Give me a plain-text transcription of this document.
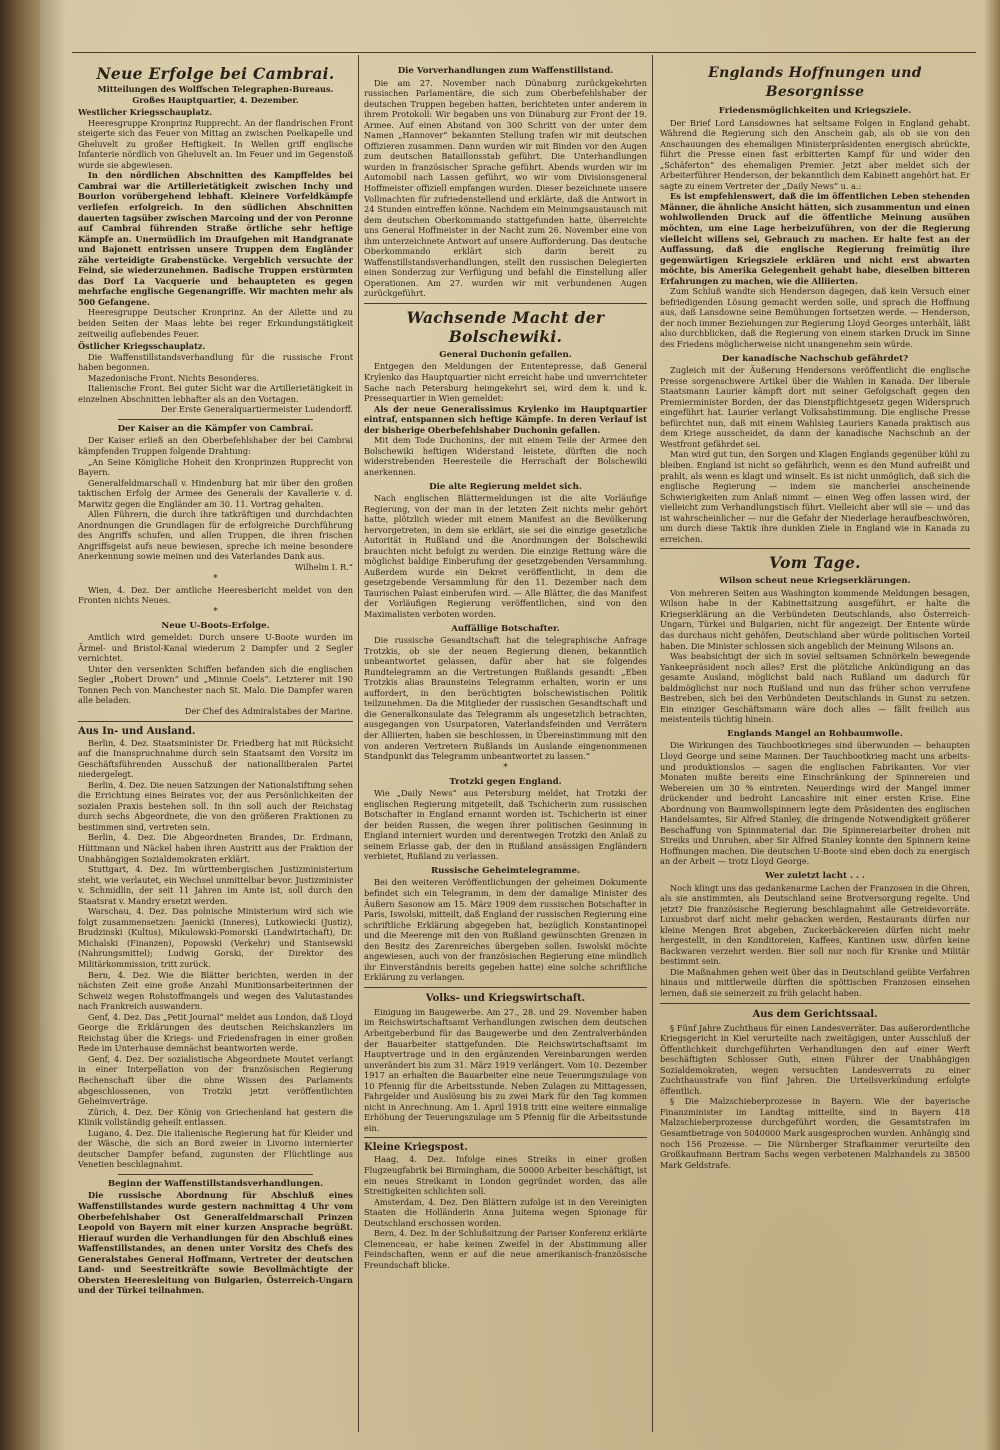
Neue Erfolge bei Cambrai.

Mitteilungen des Wolffschen Telegraphen-Bureaus.

Großes Hauptquartier, 4. Dezember.

Westlicher Kriegsschauplatz.

Heeresgruppe Kronprinz Rupprecht. An der flandrischen Front steigerte sich das Feuer von Mittag an zwischen Poelkapelle und Gheluvelt zu großer Heftigkeit. In Wellen griff englische Infanterie nördlich von Gheluvelt an. Im Feuer und im Gegenstoß wurde sie abgewiesen.

In den nördlichen Abschnitten des Kampffeldes bei Cambrai war die Artillerietätigkeit zwischen Inchy und Bourlon vorübergehend lebhaft. Kleinere Vorfeldkämpfe verliefen erfolgreich. In den südlichen Abschnitten dauerten tagsüber zwischen Marcoing und der von Peronne auf Cambrai führenden Straße örtliche sehr heftige Kämpfe an. Unermüdlich im Draufgehen mit Handgranate und Bajonett entrissen unsere Truppen dem Engländer zähe verteidigte Grabenstücke. Vergeblich versuchte der Feind, sie wiederzunehmen. Badische Truppen erstürmten das Dorf La Vacquerie und behaupteten es gegen mehrfache englische Gegenangriffe. Wir machten mehr als 500 Gefangene.

Heeresgruppe Deutscher Kronprinz. An der Ailette und zu beiden Seiten der Maas lebte bei reger Erkundungstätigkeit zeitweilig auflebendes Feuer.

Östlicher Kriegsschauplatz.

Die Waffenstillstandsverhandlung für die russische Front haben begonnen.

Mazedonische Front. Nichts Besonderes.

Italienische Front. Bei guter Sicht war die Artillerietätigkeit in einzelnen Abschnitten lebhafter als an den Vortagen.

Der Erste Generalquartiermeister Ludendorff.

Der Kaiser an die Kämpfer von Cambrai.

Der Kaiser erließ an den Oberbefehlshaber der bei Cambrai kämpfenden Truppen folgende Drahtung:

„An Seine Königliche Hoheit den Kronprinzen Rupprecht von Bayern.

Generalfeldmarschall v. Hindenburg hat mir über den großen taktischen Erfolg der Armee des Generals der Kavallerie v. d. Marwitz gegen die Engländer am 30. 11. Vortrag gehalten.

Allen Führern, die durch ihre tatkräftigen und durchdachten Anordnungen die Grundlagen für de erfolgreiche Durchführung des Angriffs schufen, und allen Truppen, die ihren frischen Angriffsgeist aufs neue bewiesen, spreche ich meine besondere Anerkennung sowie meinen und des Vaterlandes Dank aus.

Wilhelm I. R.“

*

Wien, 4. Dez. Der amtliche Heeresbericht meldet von den Fronten nichts Neues.

*
Neue U-Boots-Erfolge.

Amtlich wird gemeldet: Durch unsere U-Boote wurden im Ärmel- und Bristol-Kanal wiederum 2 Dampfer und 2 Segler vernichtet.

Unter den versenkten Schiffen befanden sich die englischen Segler „Robert Drown“ und „Minnie Coels“. Letzterer mit 190 Tonnen Pech von Manchester nach St. Malo. Die Dampfer waren alle beladen.

Der Chef des Admiralstabes der Marine.

Aus In- und Ausland.

Berlin, 4. Dez. Staatsminister Dr. Friedberg hat mit Rücksicht auf die Inanspruchnahme durch sein Staatsamt den Vorsitz im Geschäftsführenden Ausschuß der nationalliberalen Partei niedergelegt.

Berlin, 4. Dez. Die neuen Satzungen der Nationalstiftung sehen die Errichtung eines Beirates vor, der aus Persönlichkeiten der sozialen Praxis bestehen soll. In ihn soll auch der Reichstag durch sechs Abgeordnete, die von den größeren Fraktionen zu bestimmen sind, vertreten sein.

Berlin, 4. Dez. Die Abgeordneten Brandes, Dr. Erdmann, Hüttmann und Näckel haben ihren Austritt aus der Fraktion der Unabhängigen Sozialdemokraten erklärt.

Stuttgart, 4. Dez. Im württembergischen Justizministerium steht, wie verlautet, ein Wechsel unmittelbar bevor. Justizminister v. Schmidlin, der seit 11 Jahren im Amte ist, soll durch den Staatsrat v. Mandry ersetzt werden.

Warschau, 4. Dez. Das polnische Ministerium wird sich wie folgt zusammensetzen: Jaenicki (Inneres), Lutkowiecki (Justiz), Brudzinski (Kultus), Mikulowski-Pomorski (Landwirtschaft), Dr. Michalski (Finanzen), Popowski (Verkehr) und Stanisewski (Nahrungsmittel); Ludwig Gorski, der Direktor des Militärkommission, tritt zurück.

Bern, 4. Dez. Wie die Blätter berichten, werden in der nächsten Zeit eine große Anzahl Munitionsarbeiterinnen der Schweiz wegen Rohstoffmangels und wegen des Valutastandes nach Frankreich auswandern.

Genf, 4. Dez. Das „Petit Journal“ meldet aus London, daß Lloyd George die Erklärungen des deutschen Reichskanzlers im Reichstag über die Kriegs- und Friedensfragen in einer großen Rede im Unterhause demnächst beantworten werde.

Genf, 4. Dez. Der sozialistische Abgeordnete Moutet verlangt in einer Interpellation von der französischen Regierung Rechenschaft über die ohne Wissen des Parlaments abgeschlossenen, von Trotzki jetzt veröffentlichten Geheimverträge.

Zürich, 4. Dez. Der König von Griechenland hat gestern die Klinik vollständig geheilt entlassen.

Lugano, 4. Dez. Die italienische Regierung hat für Kleider und der Wäsche, die sich an Bord zweier in Livorno internierter deutscher Dampfer befand, zugunsten der Flüchtlinge aus Venetien beschlagnahmt.

Beginn der Waffenstillstandsverhandlungen.

Die russische Abordnung für Abschluß eines Waffenstillstandes wurde gestern nachmittag 4 Uhr vom Oberbefehlshaber Ost Generalfeldmarschall Prinzen Leopold von Bayern mit einer kurzen Ansprache begrüßt. Hierauf wurden die Verhandlungen für den Abschluß eines Waffenstillstandes, an denen unter Vorsitz des Chefs des Generalstabes General Hoffmann, Vertreter der deutschen Land- und Seestreitkräfte sowie Bevollmächtigte der Obersten Heeresleitung von Bulgarien, Österreich-Ungarn und der Türkei teilnahmen.

Die Vorverhandlungen zum Waffenstillstand.

Die am 27. November nach Dünaburg zurückgekehrten russischen Parlamentäre, die sich zum Oberbefehlshaber der deutschen Truppen begeben hatten, berichteten unter anderem in ihrem Protokoll: Wir begaben uns von Dünaburg zur Front der 19. Armee. Auf einen Abstand von 300 Schritt von der unter dem Namen „Hannover“ bekannten Stellung trafen wir mit deutschen Offizieren zusammen. Dann wurden wir mit Binden vor den Augen zum deutschen Bataillonsstab geführt. Die Unterhandlungen wurden in französischer Sprache geführt. Abends wurden wir im Automobil nach Lassen geführt, wo wir vom Divisionsgeneral Hoffmeister offiziell empfangen wurden. Dieser bezeichnete unsere Vollmachten für zufriedenstellend und erklärte, daß die Antwort in 24 Stunden eintreffen könne. Nachdem ein Meinungsaustausch mit dem deutschen Oberkommando stattgefunden hatte, überreichte uns General Hoffmeister in der Nacht zum 26. November eine von ihm unterzeichnete Antwort auf unsere Aufforderung. Das deutsche Oberkommando erklärt sich darin bereit zu Waffenstillstandsverhandlungen, stellt den russischen Delegierten einen Sonderzug zur Verfügung und befahl die Einstellung aller Operationen. Am 27. wurden wir mit verbundenen Augen zurückgeführt.

Wachsende Macht der Bolschewiki.
General Duchonin gefallen.

Entgegen den Meldungen der Ententepresse, daß General Krylenko das Hauptquartier nicht erreicht habe und unverrichteter Sache nach Petersburg heimgekehrt sei, wird dem k. und k. Pressequartier in Wien gemeldet:

Als der neue Generalissimus Krylenko im Hauptquartier eintraf, entspannen sich heftige Kämpfe. In deren Verlauf ist der bisherige Oberbefehlshaber Duchonin gefallen.

Mit dem Tode Duchonins, der mit einem Teile der Armee den Bolschewiki heftigen Widerstand leistete, dürften die noch widerstrebenden Heeresteile die Herrschaft der Bolschewiki anerkennen.

Die alte Regierung meldet sich.

Nach englischen Blättermeldungen ist die alte Vorläufige Regierung, von der man in der letzten Zeit nichts mehr gehört hatte, plötzlich wieder mit einem Manifest an die Bevölkerung hervorgetreten, in dem sie erklärt, sie sei die einzige gesetzliche Autorität in Rußland und die Anordnungen der Bolschewiki brauchten nicht befolgt zu werden. Die einzige Rettung wäre die möglichst baldige Einberufung der gesetzgebenden Versammlung. Außerdem wurde ein Dekret veröffentlicht, in dem die gesetzgebende Versammlung für den 11. Dezember nach dem Taurischen Palast einberufen wird. — Alle Blätter, die das Manifest der Vorläufigen Regierung veröffentlichen, sind von den Maximalisten verboten worden.

Auffällige Botschafter.

Die russische Gesandtschaft hat die telegraphische Anfrage Trotzkis, ob sie der neuen Regierung dienen, bekanntlich unbeantwortet gelassen, dafür aber hat sie folgendes Rundtelegramm an die Vertretungen Rußlands gesandt: „Eben Trotzkis alias Braunsteins Telegramm erhalten, worin er uns auffordert, in den berüchtigten bolschewistischen Politik teilzunehmen. Da die Mitglieder der russischen Gesandtschaft und die Generalkonsulate das Telegramm als ungesetzlich betrachten, ausgegangen von Usurpatoren, Vaterlandsfeinden und Verrätern der Alliierten, haben sie beschlossen, in Übereinstimmung mit den von anderen Vertretern Rußlands im Auslande eingenommenen Standpunkt das Telegramm unbeantwortet zu lassen.“

*
Trotzki gegen England.

Wie „Daily News“ aus Petersburg meldet, hat Trotzki der englischen Regierung mitgeteilt, daß Tschicherin zum russischen Botschafter in England ernannt worden ist. Tschicherin ist einer der beiden Russen, die wegen ihrer politischen Gesinnung in England interniert wurden und derentwegen Trotzki den Anlaß zu seinem Erlasse gab, der den in Rußland ansässigen Engländern verbietet, Rußland zu verlassen.

Russische Geheimtelegramme.

Bei den weiteren Veröffentlichungen der geheimen Dokumente befindet sich ein Telegramm, in dem der damalige Minister des Äußern Sasonow am 15. März 1909 dem russischen Botschafter in Paris, Iswolski, mitteilt, daß England der russischen Regierung eine schriftliche Erklärung abgegeben hat, bezüglich Konstantinopel und die Meerenge mit den von Rußland gewünschten Grenzen in den Besitz des Zarenreiches übergeben sollen. Iswolski möchte angewiesen, auch von der französischen Regierung eine mündlich ihr Einverständnis bereits gegeben hatte) eine solche schriftliche Erklärung zu verlangen.

Volks- und Kriegswirtschaft.

Einigung im Baugewerbe. Am 27., 28. und 29. November haben im Reichswirtschaftsamt Verhandlungen zwischen dem deutschen Arbeitgeberbund für das Baugewerbe und den Zentralverbänden der Bauarbeiter stattgefunden. Die Reichswirtschaftsamt im Hauptvertrage und in den ergänzenden Vereinbarungen werden unverändert bis zum 31. März 1919 verlängert. Vom 10. Dezember 1917 an erhalten die Bauarbeiter eine neue Teuerungszulage von 10 Pfennig für die Arbeitsstunde. Neben Zulagen zu Mittagessen, Fahrgelder und Auslösung bis zu zwei Mark für den Tag kommen nicht in Anrechnung. Am 1. April 1918 tritt eine weitere einmalige Erhöhung der Teuerungszulage um 5 Pfennig für die Arbeitsstunde ein.

Kleine Kriegspost.

Haag, 4. Dez. Infolge eines Streiks in einer großen Flugzeugfabrik bei Birmingham, die 50000 Arbeiter beschäftigt, ist ein neues Streikamt in London gegründet worden, das alle Streitigkeiten schlichten soll.

Amsterdam, 4. Dez. Den Blättern zufolge ist in den Vereinigten Staaten die Holländerin Anna Juitema wegen Spionage für Deutschland erschossen worden.

Bern, 4. Dez. In der Schlußsitzung der Pariser Konferenz erklärte Clemenceau, er habe keinen Zweifel in der Abstimmung aller Feindschaften, wenn er auf die neue amerikanisch-französische Freundschaft blicke.

Englands Hoffnungen und Besorgnisse
Friedensmöglichkeiten und Kriegsziele.

Der Brief Lord Lansdownes hat seltsame Folgen in England gehabt. Während die Regierung sich den Anschein gab, als ob sie von den Anschauungen des ehemaligen Ministerpräsidenten energisch abrückte, führt die Presse einen fast erbitterten Kampf für und wider den „Schäferton“ des ehemaligen Premier. Jetzt aber meldet sich der Arbeiterführer Henderson, der bekanntlich dem Kabinett angehört hat. Er sagte zu einem Vertreter der „Daily News“ u. a.:

Es ist empfehlenswert, daß die im öffentlichen Leben stehenden Männer, die ähnliche Ansicht hätten, sich zusammentun und einen wohlwollenden Druck auf die öffentliche Meinung ausüben möchten, um eine Lage herbeizuführen, von der die Regierung vielleicht willens sei, Gebrauch zu machen. Er halte fest an der Auffassung, daß die englische Regierung freimütig ihre gegenwärtigen Kriegsziele erklären und nicht erst abwarten möchte, bis Amerika Gelegenheit gehabt habe, dieselben bitteren Erfahrungen zu machen, wie die Alliierten.

Zum Schluß wandte sich Henderson dagegen, daß kein Versuch einer befriedigenden Lösung gemacht werden solle, und sprach die Hoffnung aus, daß Lansdowne seine Bemühungen fortsetzen werde. — Henderson, der noch immer Beziehungen zur Regierung Lloyd Georges unterhält, läßt also durchblicken, daß die Regierung von einem starken Druck im Sinne des Friedens möglicherweise nicht unangenehm sein würde.

Der kanadische Nachschub gefährdet?

Zugleich mit der Äußerung Hendersons veröffentlicht die englische Presse sorgenschwere Artikel über die Wahlen in Kanada. Der liberale Staatsmann Laurier kämpft dort mit seiner Gefolgschaft gegen den Premierminister Borden, der das Dienstpflichtgesetz gegen Widerspruch eingeführt hat. Laurier verlangt Volksabstimmung. Die englische Presse befürchtet nun, daß mit einem Wahlsieg Lauriers Kanada praktisch aus dem Kriege ausscheidet, da dann der kanadische Nachschub an der Westfront gefährdet sei.

Man wird gut tun, den Sorgen und Klagen Englands gegenüber kühl zu bleiben. England ist nicht so gefährlich, wenn es den Mund aufreißt und prahlt, als wenn es klagt und winselt. Es ist nicht unmöglich, daß sich die englische Regierung — indem sie mancherlei anscheinende Schwierigkeiten zum Anlaß nimmt — einen Weg offen lassen wird, der vielleicht zum Verhandlungstisch führt. Vielleicht aber will sie — und das ist wahrscheinlicher — nur die Gefahr der Niederlage heraufbeschwören, um durch diese Taktik ihre dunklen Ziele in England wie in Kanada zu erreichen.

Vom Tage.
Wilson scheut neue Kriegserklärungen.

Von mehreren Seiten aus Washington kommende Meldungen besagen, Wilson habe in der Kabinettsitzung ausgeführt, er halte die Kriegserklärung an die Verbündeten Deutschlands, also Österreich-Ungarn, Türkei und Bulgarien, nicht für angezeigt. Der Entente würde das durchaus nicht gehöfen, Deutschland aber würde politischen Vorteil haben. Die Minister schlossen sich angeblich der Meinung Wilsons an.

Was beabsichtigt der sich in soviel seltsamen Schnörkeln bewegende Yankeepräsident noch alles? Erst die plötzliche Ankündigung an das gesamte Ausland, möglichst bald nach Rußland um dadurch für baldmöglichst nur noch Rußland und nun das früher schon verrufene Bestreben, sich bei den Verbündeten Deutschlands in Gunst zu setzen. Ein einziger Geschäftsmann wäre doch alles — fällt freilich aus meistenteils tüchtig hinein.

Englands Mangel an Rohbaumwolle.

Die Wirkungen des Tauchbootkrieges sind überwunden — behaupten Lloyd George und seine Mannen. Der Tauchbootkrieg macht uns arbeits- und produktionslos — sagen die englischen Fabrikanten. Vor vier Monaten mußte bereits eine Einschränkung der Spinnereien und Webereien um 30 % eintreten. Neuerdings wird der Mangel immer drückender und bedroht Lancashire mit einer ersten Krise. Eine Abordnung von Baumwollspinnern legte dem Präsidenten des englischen Handelsamtes, Sir Alfred Stanley, die dringende Notwendigkeit größerer Beschaffung von Spinnmaterial dar. Die Spinnereiarbeiter drohen mit Streiks und Unruhen, aber Sir Alfred Stanley konnte den Spinnern keine Hoffnungen machen. Die deutschen U-Boote sind eben doch zu energisch an der Arbeit — trotz Lloyd George.

Wer zuletzt lacht . . .

Noch klingt uns das gedankenarme Lachen der Franzosen in die Ohren, als sie anstimmten, als Deutschland seine Brotversorgung regelte. Und jetzt? Die französische Regierung beschlagnahmt alle Getreidevorräte. Luxusbrot darf nicht mehr gebacken werden, Restaurants dürfen nur kleine Mengen Brot abgeben, Zuckerbäckereien dürfen nicht mehr hergestellt, in den Konditoreien, Kaffees, Kantinen usw. dürfen keine Backwaren verzehrt werden. Bier soll nur noch für Kranke und Militär bestimmt sein.

Die Maßnahmen gehen weit über das in Deutschland geübte Verfahren hinaus und mittlerweile dürften die spöttischen Franzosen einsehen lernen, daß sie seinerzeit zu früh gelacht haben.

Aus dem Gerichtssaal.

§ Fünf Jahre Zuchthaus für einen Landesverräter. Das außerordentliche Kriegsgericht in Kiel verurteilte nach zweitägigen, unter Ausschluß der Öffentlichkeit durchgeführten Verhandlungen den auf einer Werft beschäftigten Schlosser Guth, einen Führer der Unabhängigen Sozialdemokraten, wegen versuchten Landesverrats zu einer Zuchthausstrafe von fünf Jahren. Die Urteilsverkündung erfolgte öffentlich.

§ Die Malzschieberprozesse in Bayern. Wie der bayerische Finanzminister im Landtag mitteilte, sind in Bayern 418 Malzschieberprozesse durchgeführt worden, die Gesamtstrafen im Gesamtbetrage von 5040000 Mark ausgesprochen wurden. Anhängig sind noch 156 Prozesse. — Die Nürnberger Strafkammer verurteilte den Großkaufmann Bertram Sachs wegen verbotenen Malzhandels zu 38500 Mark Geldstrafe.
